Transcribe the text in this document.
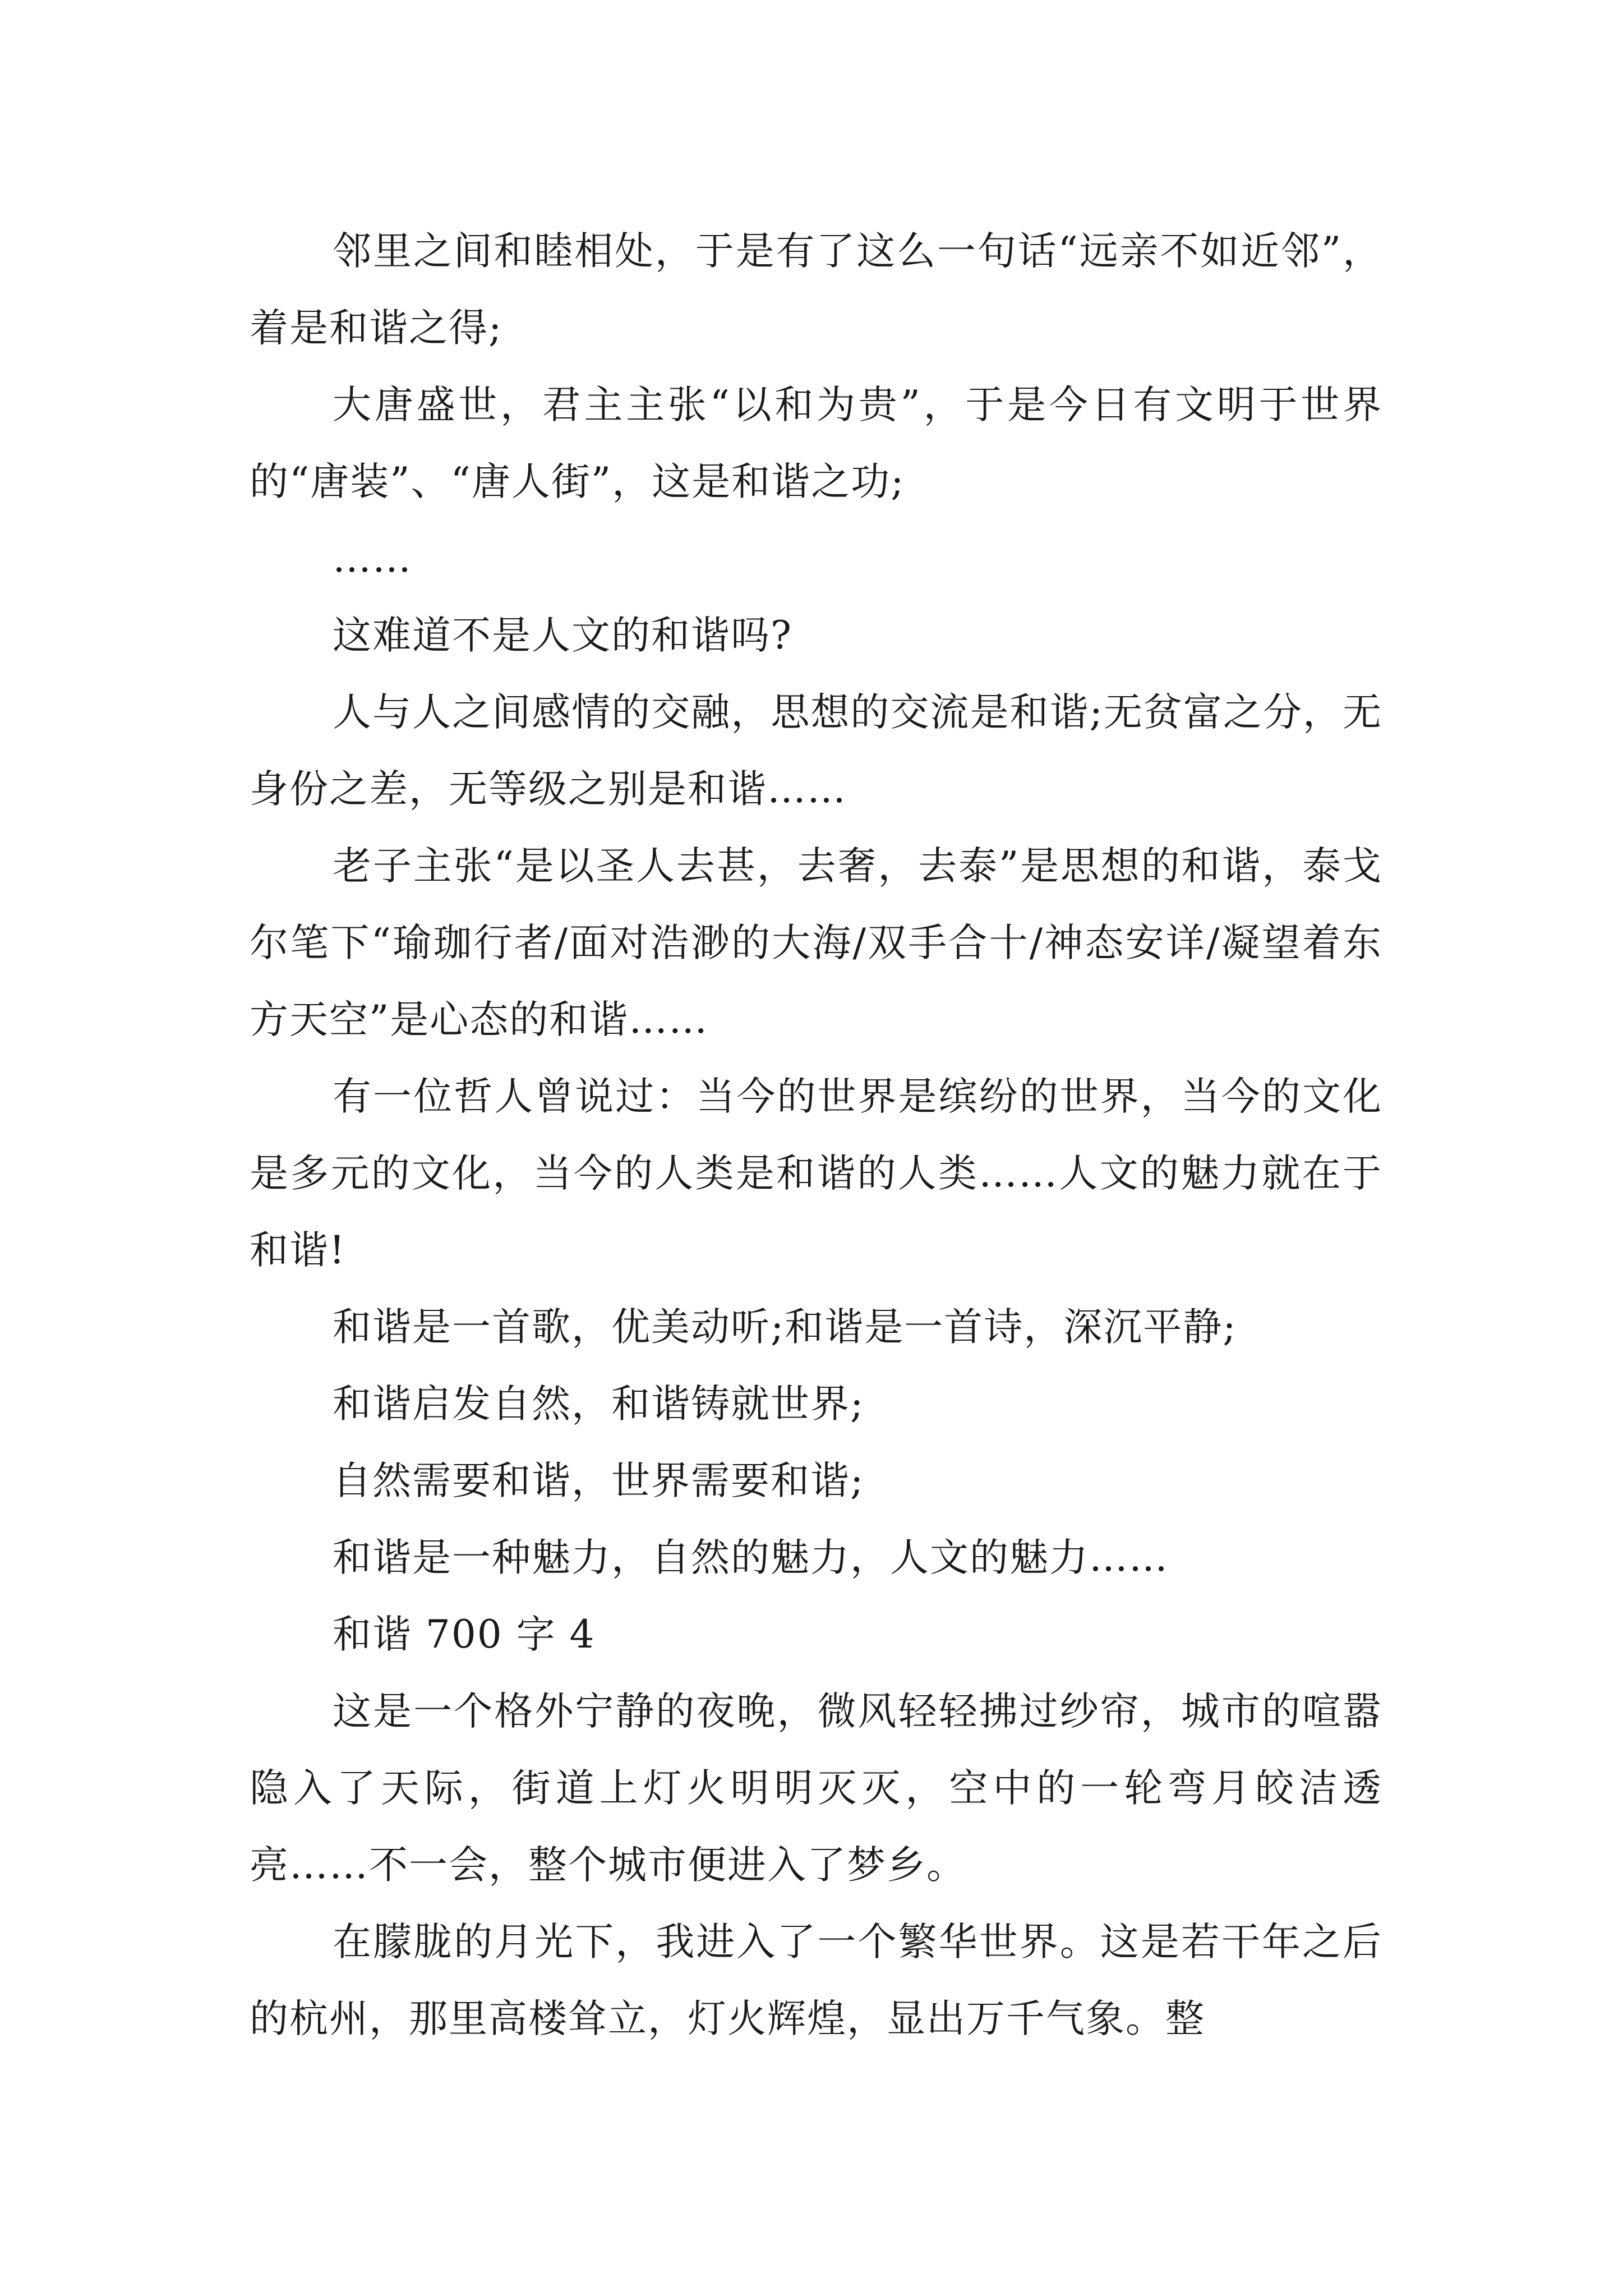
邻里之间和睦相处，于是有了这么一句话“远亲不如近邻”，着是和谐之得;

大唐盛世，君主主张“以和为贵”，于是今日有文明于世界的“唐装”、“唐人街”，这是和谐之功;

……

这难道不是人文的和谐吗?

人与人之间感情的交融，思想的交流是和谐;无贫富之分，无身份之差，无等级之别是和谐……

老子主张“是以圣人去甚，去奢，去泰”是思想的和谐，泰戈尔笔下“瑜珈行者/面对浩渺的大海/双手合十/神态安详/凝望着东方天空”是心态的和谐……

有一位哲人曾说过：当今的世界是缤纷的世界，当今的文化是多元的文化，当今的人类是和谐的人类……人文的魅力就在于和谐!

和谐是一首歌，优美动听;和谐是一首诗，深沉平静;

和谐启发自然，和谐铸就世界;

自然需要和谐，世界需要和谐;

和谐是一种魅力，自然的魅力，人文的魅力……

和谐 700 字 4

这是一个格外宁静的夜晚，微风轻轻拂过纱帘，城市的喧嚣隐入了天际，街道上灯火明明灭灭，空中的一轮弯月皎洁透亮……不一会，整个城市便进入了梦乡。

在朦胧的月光下，我进入了一个繁华世界。这是若干年之后的杭州，那里高楼耸立，灯火辉煌，显出万千气象。整
